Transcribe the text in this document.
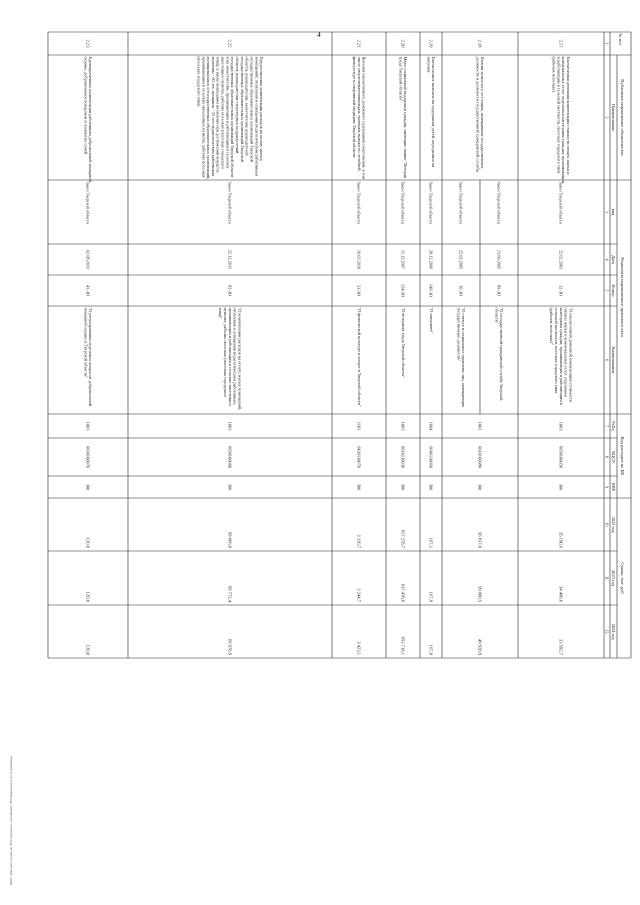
4	№ п/п
Публичное нормативное обязательство
Наименование
Реквизиты нормативного правового акта
вид
Дата
Номер
Наименование
Код расходов по БК
РзПр
КЦСР
КВР
Сумма, тыс. руб
2022 год
2023 год
2024 год
1
2
3
4
5
6
7
8
9
10
11
12
2.17
Ежемесячная денежная компенсация стоимости оплаты жилья икоммунальных услуг отдельным категориям граждан, проживающими работающим в сельской местности, поселках городского типа(рабочих поселках)
Закон Тверской области
22.02.2005
12-ЗО
"О ежемесячной денежной компенсации стоимостиоплаты жилья и коммунальных услуг отдельнымкатегориям граждан, проживающим и работающим всельской местности, поселках городского типа(рабочих поселках)"
1003
6630100050
300
35 190,6
34 460,0
33 592,7
2.18
Пенсии за выслугу лет лицам, замещавшим государственныедолжности и должности государственной гражданской службы
Закон Тверской области
21.06.2005
89-ЗО
"О государственной гражданской службе Тверскойобласти"
Закон Тверской области
25.02.2005
16-ЗО
"О статусе и социальных гарантиях лиц, замещающихгосударственные должности"
1001
6610100080
300
56 817,8
59 080,5
49 928,9
2.19
Ежемесячные выплаты на содержание детей, переданных напатронат
Закон Тверской области
28.12.2006
149-ЗО
"О патронате"
1004
6640110060
300
167,1
167,9
167,9
2.20
Меры социальной поддержки граждан, имеющих звание "Ветерантруда Тверской области"
Закон Тверской области
11.12.2007
154-ЗО
"О ветеранах труда Тверской области"
1003
6610210030
300
617 278,7
637 478,0
653 718,1
2.21
Выплата ежемесячного денежного содержания спортсменам, в томчисле спортсменам-инвалидам, тренерам, врачам по лечебнойфизкультуре и спортивной медицине Тверской области
Закон Тверской области
10.03.2010
21-ЗО
"О физической культуре и спорте в Тверской области"
1103
6420110070
300
3 316,7
3 244,7
3 423,1
2.22
Предоставление компенсации расходов на оплату жилыхпомещений, отопления и освещения педагогическим работникамгосударственных образовательных организаций Тверскойобласти, руководителям, заместителям руководителейгосударственных образовательных организаций Тверскойобласти, руководителям структурных подразделенийгосударственных образовательных организаций Тверской областии их заместителям, проживающим и работающим в сельскихнаселенных пунктах, рабочих поселках (поселках городскоготипа), а также вышедшим на пенсию при достижении возраста:мужчины - 60 лет, женщины - 55 лет педагогическим работникаммуниципальных и государственных образовательных организаций,проживающим в сельских населенных пунктах, рабочих поселках(поселках городского типа)
Закон Тверской области
22.12.2011
82-ЗО
"О компенсации расходов на оплату жилых помещений,отопления и освещения педагогическим работникам,проживающим и работающим в сельских населенныхпунктах, рабочих поселках (поселках городскоготипа)"
1003
6630100060
300
69 866,0
69 772,4
69 678,9
2.23
Единовременные компенсации работникам добровольной пожарнойохраны, добровольным пожарным и членам их семей
Закон Тверской области
02.08.2011
43-ЗО
"О регулировании отдельных вопросов добровольнойпожарной охраны в Тверской области"
1003
6630100070
300
120,0
120,0
120,0
Файл: Документ подписан ЭП (сведения о сертификате ЭП приведены в листе проверки)
